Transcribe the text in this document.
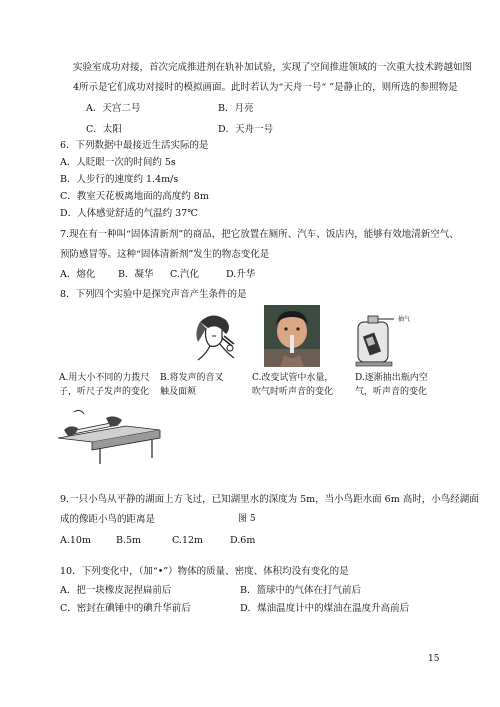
实验室成功对接，首次完成推进剂在轨补加试验，实现了空间推进领域的一次重大技术跨越如图
4所示是它们成功对接时的模拟画面。此时若认为“天舟一号“ ”是静止的，则所选的参照物是
A．天宫二号	B．月亮
C．太阳	D．天舟一号
6．下列数据中最接近生活实际的是
A．人眨眼一次的时间约 5s
B．人步行的速度约 1.4m/s
C．教室天花板离地面的高度约 8m
D．人体感觉舒适的气温约 37℃
7.现在有一种叫“固体清新剂”的商品，把它放置在厕所、汽车、饭店内，能够有效地清新空气、
预防感冒等。这种“固体清新剂”发生的物态变化是
A．熔化 B．凝华 C.汽化	D.升华
8．下列四个实验中是探究声音产生条件的是
抽气
A.用大小不同的力拨尺
子，听尺子发声的变化
B.将发声的音叉
触及面颊
C.改变试管中水量，
吹气时听声音的变化
D.逐渐抽出瓶内空
气，听声音的变化
9.一只小鸟从平静的湖面上方飞过，已知湖里水的深度为 5m，当小鸟距水面 6m 高时，小鸟经湖面
成的像距小鸟的距离是	图 5
A.10m	B.5m	C.12m	D.6m
10．下列变化中，（加“•”）物体的质量、密度、体积均没有变化的是
A．把一块橡皮泥捏扁前后	B．篮球中的气体在打气前后
C．密封在碘锤中的碘升华前后	D．煤油温度计中的煤油在温度升高前后
15
